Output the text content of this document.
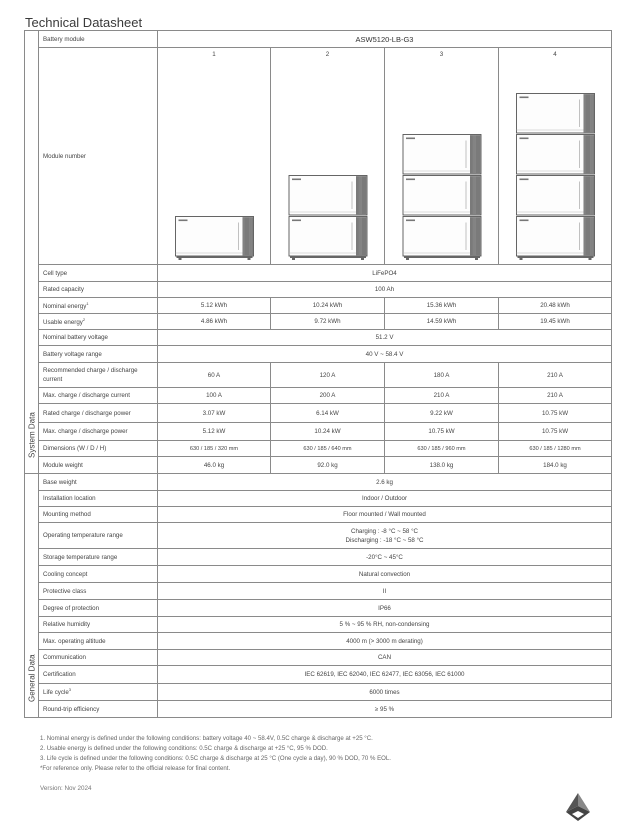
Technical Datasheet
System Data	Battery module	ASW5120-LB-G3			
	Module number	1	2	3	4

	Cell type	LiFePO4			
	Rated capacity	100 Ah			
	Nominal energy$^1$	5.12 kWh	10.24 kWh	15.36 kWh	20.48 kWh
	Usable energy$^2$	4.86 kWh	9.72 kWh	14.59 kWh	19.45 kWh
	Nominal battery voltage	51.2 V			
	Battery voltage range	40 V ~ 58.4 V			
	Recommended charge / discharge current	60 A	120 A	180 A	210 A
	Max. charge / discharge current	100 A	200 A	210 A	210 A
	Rated charge / discharge power	3.07 kW	6.14 kW	9.22 kW	10.75 kW
	Max. charge / discharge power	5.12 kW	10.24 kW	10.75 kW	10.75 kW
	Dimensions (W / D / H)	630 / 185 / 320 mm	630 / 185 / 640 mm	630 / 185 / 960 mm	630 / 185 / 1280 mm
	Module weight	46.0 kg	92.0 kg	138.0 kg	184.0 kg

General Data	Base weight	2.6 kg			
	Installation location	Indoor / Outdoor			
	Mounting method	Floor mounted / Wall mounted			
	Operating temperature range	Charging : -8 °C ~ 58 °C
Discharging : -18 °C ~ 58 °C			

	Storage temperature range	-20°C ~ 45°C			
	Cooling concept	Natural convection			
	Protective class	II			
	Degree of protection	IP66			
	Relative humidity	5 % ~ 95 % RH, non-condensing			
	Max. operating altitude	4000 m (> 3000 m derating)			
	Communication	CAN			
	Certification	IEC 62619, IEC 62040, IEC 62477, IEC 63056, IEC 61000			
	Life cycle$^3$	6000 times			
	Round-trip efficiency	≥ 95 %			
1. Nominal energy is defined under the following conditions: battery voltage 40 ~ 58.4V, 0.5C charge & discharge at +25 °C.
2. Usable energy is defined under the following conditions: 0.5C charge & discharge at +25 °C, 95 % DOD.
3. Life cycle is defined under the following conditions: 0.5C charge & discharge at 25 °C (One cycle a day), 90 % DOD, 70 % EOL.
*For reference only. Please refer to the official release for final content.
Version: Nov 2024
